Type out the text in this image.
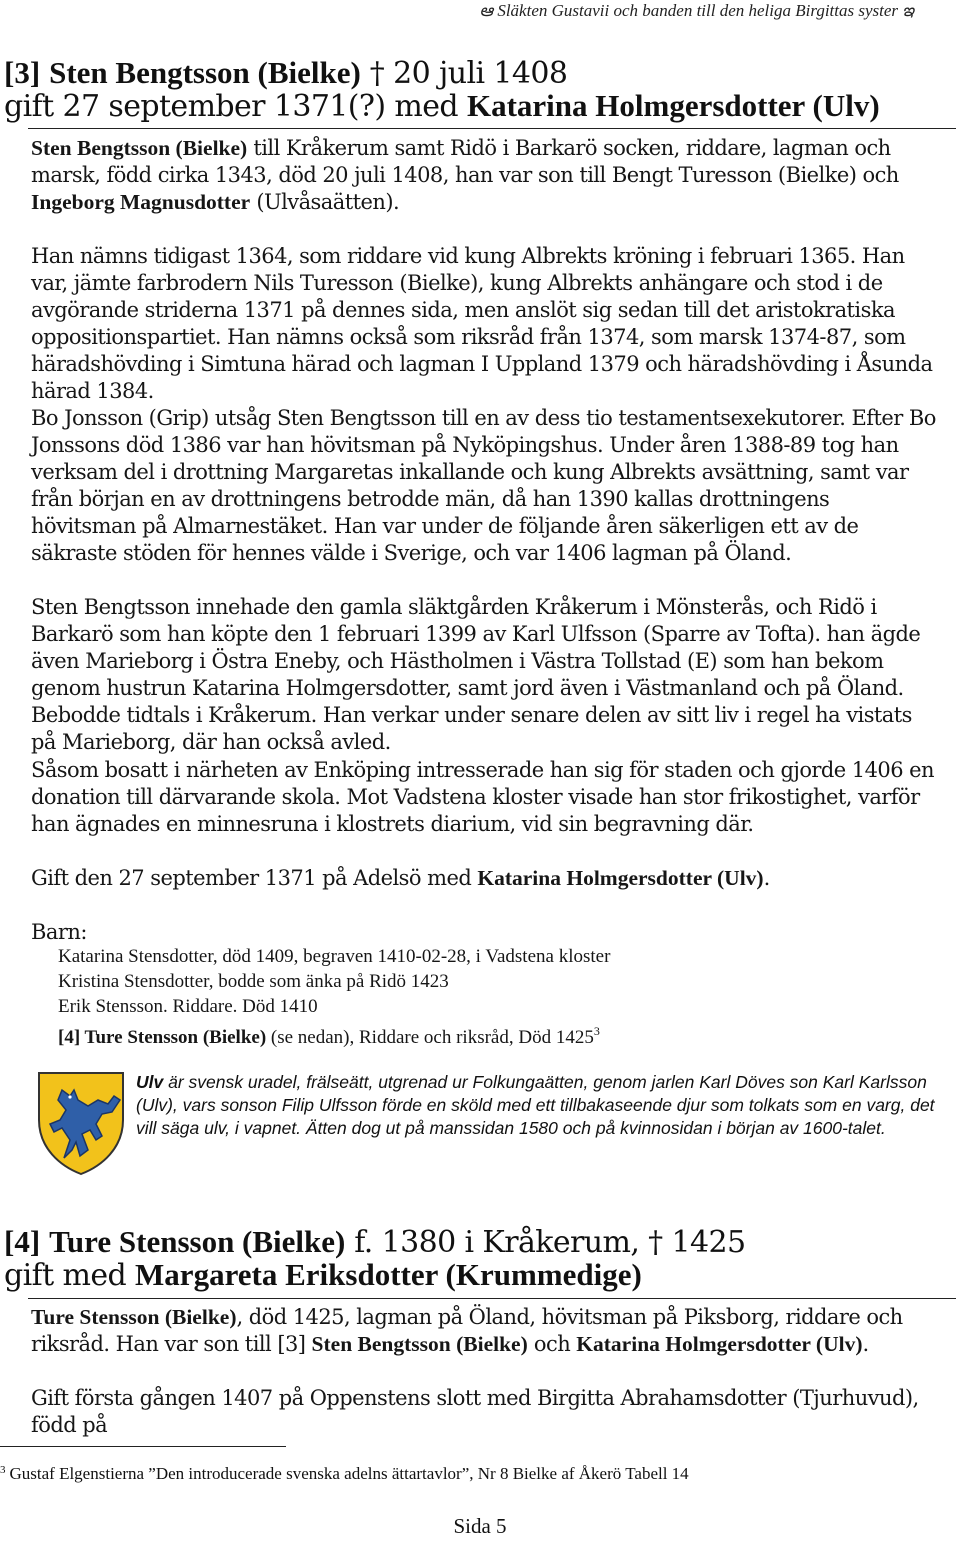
ఆ Släkten Gustavii och banden till den heliga Birgittas syster ఇ
[3] Sten Bengtsson (Bielke) † 20 juli 1408
gift 27 september 1371(?) med Katarina Holmgersdotter (Ulv)
Sten Bengtsson (Bielke) till Kråkerum samt Ridö i Barkarö socken, riddare, lagman och marsk, född cirka 1343, död 20 juli 1408, han var son till Bengt Turesson (Bielke) och Ingeborg Magnusdotter (Ulvåsaätten).
Han nämns tidigast 1364, som riddare vid kung Albrekts kröning i februari 1365. Han var, jämte farbrodern Nils Turesson (Bielke), kung Albrekts anhängare och stod i de avgörande striderna 1371 på dennes sida, men anslöt sig sedan till det aristokratiska oppositionspartiet. Han nämns också som riksråd från 1374, som marsk 1374-87, som häradshövding i Simtuna härad och lagman I Uppland 1379 och häradshövding i Åsunda härad 1384.
Bo Jonsson (Grip) utsåg Sten Bengtsson till en av dess tio testamentsexekutorer. Efter Bo Jonssons död 1386 var han hövitsman på Nyköpingshus. Under åren 1388-89 tog han verksam del i drottning Margaretas inkallande och kung Albrekts avsättning, samt var från början en av drottningens betrodde män, då han 1390 kallas drottningens hövitsman på Almarnestäket. Han var under de följande åren säkerligen ett av de säkraste stöden för hennes välde i Sverige, och var 1406 lagman på Öland.
Sten Bengtsson innehade den gamla släktgården Kråkerum i Mönsterås, och Ridö i Barkarö som han köpte den 1 februari 1399 av Karl Ulfsson (Sparre av Tofta). han ägde även Marieborg i Östra Eneby, och Hästholmen i Västra Tollstad (E) som han bekom genom hustrun Katarina Holmgersdotter, samt jord även i Västmanland och på Öland. Bebodde tidtals i Kråkerum. Han verkar under senare delen av sitt liv i regel ha vistats på Marieborg, där han också avled.
Såsom bosatt i närheten av Enköping intresserade han sig för staden och gjorde 1406 en donation till därvarande skola. Mot Vadstena kloster visade han stor frikostighet, varför han ägnades en minnesruna i klostrets diarium, vid sin begravning där.
Gift den 27 september 1371 på Adelsö med Katarina Holmgersdotter (Ulv).
Barn:
Katarina Stensdotter, död 1409, begraven 1410-02-28, i Vadstena kloster
Kristina Stensdotter, bodde som änka på Ridö 1423
Erik Stensson. Riddare. Död 1410
[4] Ture Stensson (Bielke) (se nedan), Riddare och riksråd, Död 1425$^3$
Ulv är svensk uradel, frälseätt, utgrenad ur Folkungaätten, genom jarlen Karl Döves son Karl Karlsson (Ulv), vars sonson Filip Ulfsson förde en sköld med ett tillbakaseende djur som tolkats som en varg, det vill säga ulv, i vapnet. Ätten dog ut på manssidan 1580 och på kvinnosidan i början av 1600-talet.
[4] Ture Stensson (Bielke) f. 1380 i Kråkerum, † 1425
gift med Margareta Eriksdotter (Krummedige)
Ture Stensson (Bielke), död 1425, lagman på Öland, hövitsman på Piksborg, riddare och riksråd. Han var son till [3] Sten Bengtsson (Bielke) och Katarina Holmgersdotter (Ulv).
Gift första gången 1407 på Oppenstens slott med Birgitta Abrahamsdotter (Tjurhuvud), född på
$^3$ Gustaf Elgenstierna ”Den introducerade svenska adelns ättartavlor”, Nr 8 Bielke af Åkerö Tabell 14
Sida 5
